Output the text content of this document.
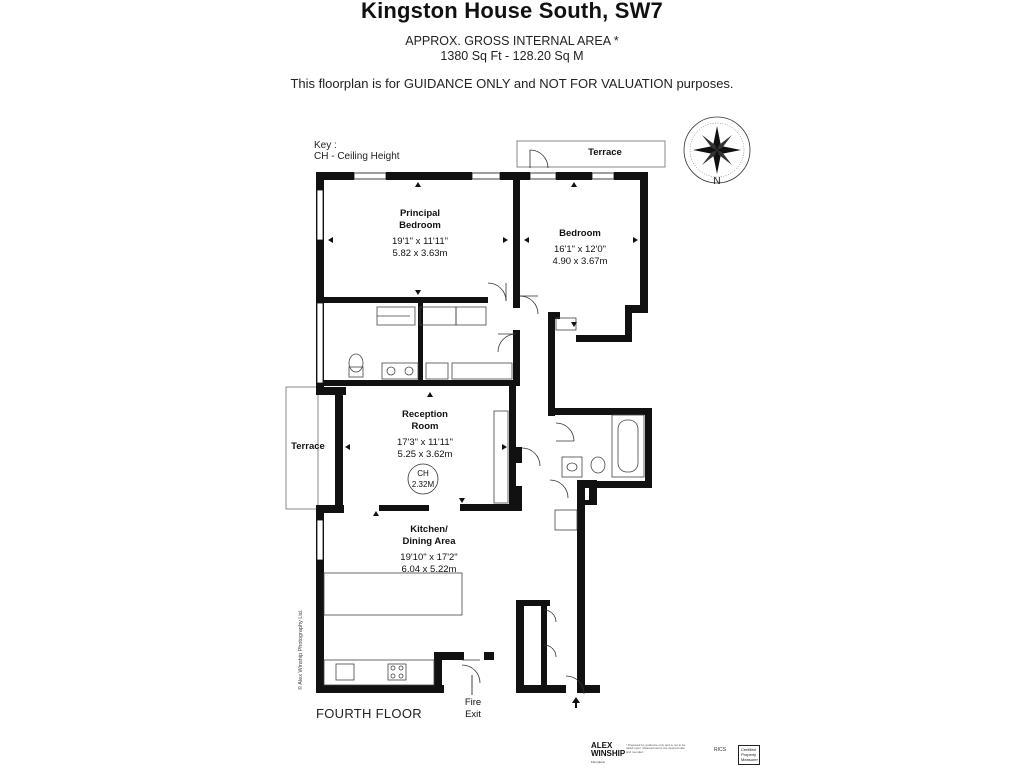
Kingston House South, SW7
APPROX. GROSS INTERNAL AREA *
1380 Sq Ft - 128.20 Sq M
This floorplan is for GUIDANCE ONLY and NOT FOR VALUATION purposes.
Key :
CH - Ceiling Height
Principal
Bedroom
19'1" x 11'11"
5.82 x 3.63m
Bedroom
16'1" x 12'0"
4.90 x 3.67m
Reception
Room
17'3" x 11'11"
5.25 x 3.62m
CH
2.32M
Kitchen/
Dining Area
19'10" x 17'2"
6.04 x 5.22m
Terrace
Terrace
Fire
Exit
N
FOURTH FLOOR
© Alex Winship Photography Ltd.
ALEX
WINSHIP
Floorplans
* Prepared for guidance only and is not to be relied upon. Measurements are approximate and rounded.	RICS	Certified Property Measurer
